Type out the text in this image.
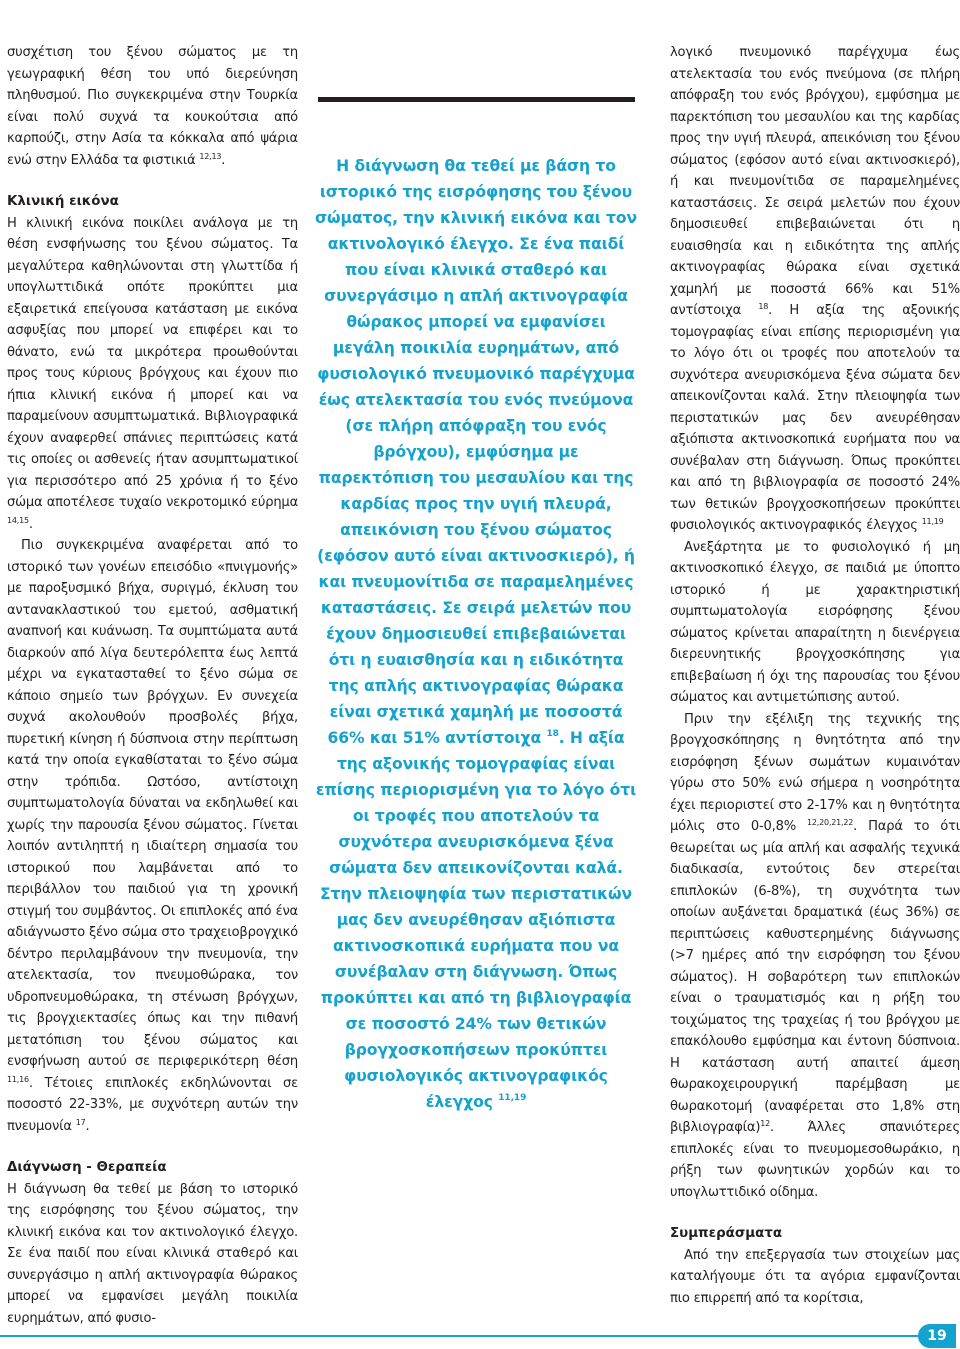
συσχέτιση του ξένου σώματος με τη γεωγραφική θέση του υπό διερεύνηση πληθυσμού. Πιο συγκεκριμένα στην Τουρκία είναι πολύ συχνά τα κουκούτσια από καρπούζι, στην Ασία τα κόκκαλα από ψάρια ενώ στην Ελλάδα τα φιστικιά $^{12,13}$.

Κλινική εικόνα

Η κλινική εικόνα ποικίλει ανάλογα με τη θέση ενσφήνωσης του ξένου σώματος. Τα μεγαλύτερα καθηλώνονται στη γλωττίδα ή υπογλωττιδικά οπότε προκύπτει μια εξαιρετικά επείγουσα κατάσταση με εικόνα ασφυξίας που μπορεί να επιφέρει και το θάνατο, ενώ τα μικρότερα προωθούνται προς τους κύριους βρόγχους και έχουν πιο ήπια κλινική εικόνα ή μπορεί και να παραμείνουν ασυμπτωματικά. Βιβλιογραφικά έχουν αναφερθεί σπάνιες περιπτώσεις κατά τις οποίες οι ασθενείς ήταν ασυμπτωματικοί για περισσότερο από 25 χρόνια ή το ξένο σώμα αποτέλεσε τυχαίο νεκροτομικό εύρημα $^{14,15}$.

Πιο συγκεκριμένα αναφέρεται από το ιστορικό των γονέων επεισόδιο «πνιγμονής» με παροξυσμικό βήχα, συριγμό, έκλυση του αντανακλαστικού του εμετού, ασθματική αναπνοή και κυάνωση. Τα συμπτώματα αυτά διαρκούν από λίγα δευτερόλεπτα έως λεπτά μέχρι να εγκατασταθεί το ξένο σώμα σε κάποιο σημείο των βρόγχων. Εν συνεχεία συχνά ακολουθούν προσβολές βήχα, πυρετική κίνηση ή δύσπνοια στην περίπτωση κατά την οποία εγκαθίσταται το ξένο σώμα στην τρόπιδα. Ωστόσο, αντίστοιχη συμπτωματολογία δύναται να εκδηλωθεί και χωρίς την παρουσία ξένου σώματος. Γίνεται λοιπόν αντιληπτή η ιδιαίτερη σημασία του ιστορικού που λαμβάνεται από το περιβάλλον του παιδιού για τη χρονική στιγμή του συμβάντος. Οι επιπλοκές από ένα αδιάγνωστο ξένο σώμα στο τραχειοβρογχικό δέντρο περιλαμβάνουν την πνευμονία, την ατελεκτασία, τον πνευμοθώρακα, τον υδροπνευμοθώρακα, τη στένωση βρόγχων, τις βρογχιεκτασίες όπως και την πιθανή μετατόπιση του ξένου σώματος και ενσφήνωση αυτού σε περιφερικότερη θέση $^{11,16}$. Τέτοιες επιπλοκές εκδηλώνονται σε ποσοστό 22-33%, με συχνότερη αυτών την πνευμονία $^{17}$.

Διάγνωση - Θεραπεία

Η διάγνωση θα τεθεί με βάση το ιστορικό της εισρόφησης του ξένου σώματος, την κλινική εικόνα και τον ακτινολογικό έλεγχο. Σε ένα παιδί που είναι κλινικά σταθερό και συνεργάσιμο η απλή ακτινογραφία θώρακος μπορεί να εμφανίσει μεγάλη ποικιλία ευρημάτων, από φυσιο-

Η διάγνωση θα τεθεί με βάση το ιστορικό της εισρόφησης του ξένου σώματος, την κλινική εικόνα και τον ακτινολογικό έλεγχο. Σε ένα παιδί που είναι κλινικά σταθερό και συνεργάσιμο η απλή ακτινογραφία θώρακος μπορεί να εμφανίσει μεγάλη ποικιλία ευρημάτων, από φυσιολογικό πνευμονικό παρέγχυμα έως ατελεκτασία του ενός πνεύμονα (σε πλήρη απόφραξη του ενός βρόγχου), εμφύσημα με παρεκτόπιση του μεσαυλίου και της καρδίας προς την υγιή πλευρά, απεικόνιση του ξένου σώματος (εφόσον αυτό είναι ακτινοσκιερό), ή και πνευμονίτιδα σε παραμελημένες καταστάσεις. Σε σειρά μελετών που έχουν δημοσιευθεί επιβεβαιώνεται ότι η ευαισθησία και η ειδικότητα της απλής ακτινογραφίας θώρακα είναι σχετικά χαμηλή με ποσοστά 66% και 51% αντίστοιχα $^{18}$. Η αξία της αξονικής τομογραφίας είναι επίσης περιορισμένη για το λόγο ότι οι τροφές που αποτελούν τα συχνότερα ανευρισκόμενα ξένα σώματα δεν απεικονίζονται καλά. Στην πλειοψηφία των περιστατικών μας δεν ανευρέθησαν αξιόπιστα ακτινοσκοπικά ευρήματα που να συνέβαλαν στη διάγνωση. Όπως προκύπτει και από τη βιβλιογραφία σε ποσοστό 24% των θετικών βρογχοσκοπήσεων προκύπτει φυσιολογικός ακτινογραφικός έλεγχος $^{11,19}$

λογικό πνευμονικό παρέγχυμα έως ατελεκτασία του ενός πνεύμονα (σε πλήρη απόφραξη του ενός βρόγχου), εμφύσημα με παρεκτόπιση του μεσαυλίου και της καρδίας προς την υγιή πλευρά, απεικόνιση του ξένου σώματος (εφόσον αυτό είναι ακτινοσκιερό), ή και πνευμονίτιδα σε παραμελημένες καταστάσεις. Σε σειρά μελετών που έχουν δημοσιευθεί επιβεβαιώνεται ότι η ευαισθησία και η ειδικότητα της απλής ακτινογραφίας θώρακα είναι σχετικά χαμηλή με ποσοστά 66% και 51% αντίστοιχα $^{18}$. Η αξία της αξονικής τομογραφίας είναι επίσης περιορισμένη για το λόγο ότι οι τροφές που αποτελούν τα συχνότερα ανευρισκόμενα ξένα σώματα δεν απεικονίζονται καλά. Στην πλειοψηφία των περιστατικών μας δεν ανευρέθησαν αξιόπιστα ακτινοσκοπικά ευρήματα που να συνέβαλαν στη διάγνωση. Όπως προκύπτει και από τη βιβλιογραφία σε ποσοστό 24% των θετικών βρογχοσκοπήσεων προκύπτει φυσιολογικός ακτινογραφικός έλεγχος $^{11,19}$

Ανεξάρτητα με το φυσιολογικό ή μη ακτινοσκοπικό έλεγχο, σε παιδιά με ύποπτο ιστορικό ή με χαρακτηριστική συμπτωματολογία εισρόφησης ξένου σώματος κρίνεται απαραίτητη η διενέργεια διερευνητικής βρογχοσκόπησης για επιβεβαίωση ή όχι της παρουσίας του ξένου σώματος και αντιμετώπισης αυτού.

Πριν την εξέλιξη της τεχνικής της βρογχοσκόπησης η θνητότητα από την εισρόφηση ξένων σωμάτων κυμαινόταν γύρω στο 50% ενώ σήμερα η νοσηρότητα έχει περιοριστεί στο 2-17% και η θνητότητα μόλις στο 0-0,8% $^{12,20,21,22}$. Παρά το ότι θεωρείται ως μία απλή και ασφαλής τεχνικά διαδικασία, εντούτοις δεν στερείται επιπλοκών (6-8%), τη συχνότητα των οποίων αυξάνεται δραματικά (έως 36%) σε περιπτώσεις καθυστερημένης διάγνωσης (>7 ημέρες από την εισρόφηση του ξένου σώματος). Η σοβαρότερη των επιπλοκών είναι ο τραυματισμός και η ρήξη του τοιχώματος της τραχείας ή του βρόγχου με επακόλουθο εμφύσημα και έντονη δύσπνοια. Η κατάσταση αυτή απαιτεί άμεση θωρακοχειρουργική παρέμβαση με θωρακοτομή (αναφέρεται στο 1,8% στη βιβλιογραφία)$^{12}$. Άλλες σπανιότερες επιπλοκές είναι το πνευμομεσοθωράκιο, η ρήξη των φωνητικών χορδών και το υπογλωττιδικό οίδημα.

Συμπεράσματα

Από την επεξεργασία των στοιχείων μας καταλήγουμε ότι τα αγόρια εμφανίζονται πιο επιρρεπή από τα κορίτσια,

19
